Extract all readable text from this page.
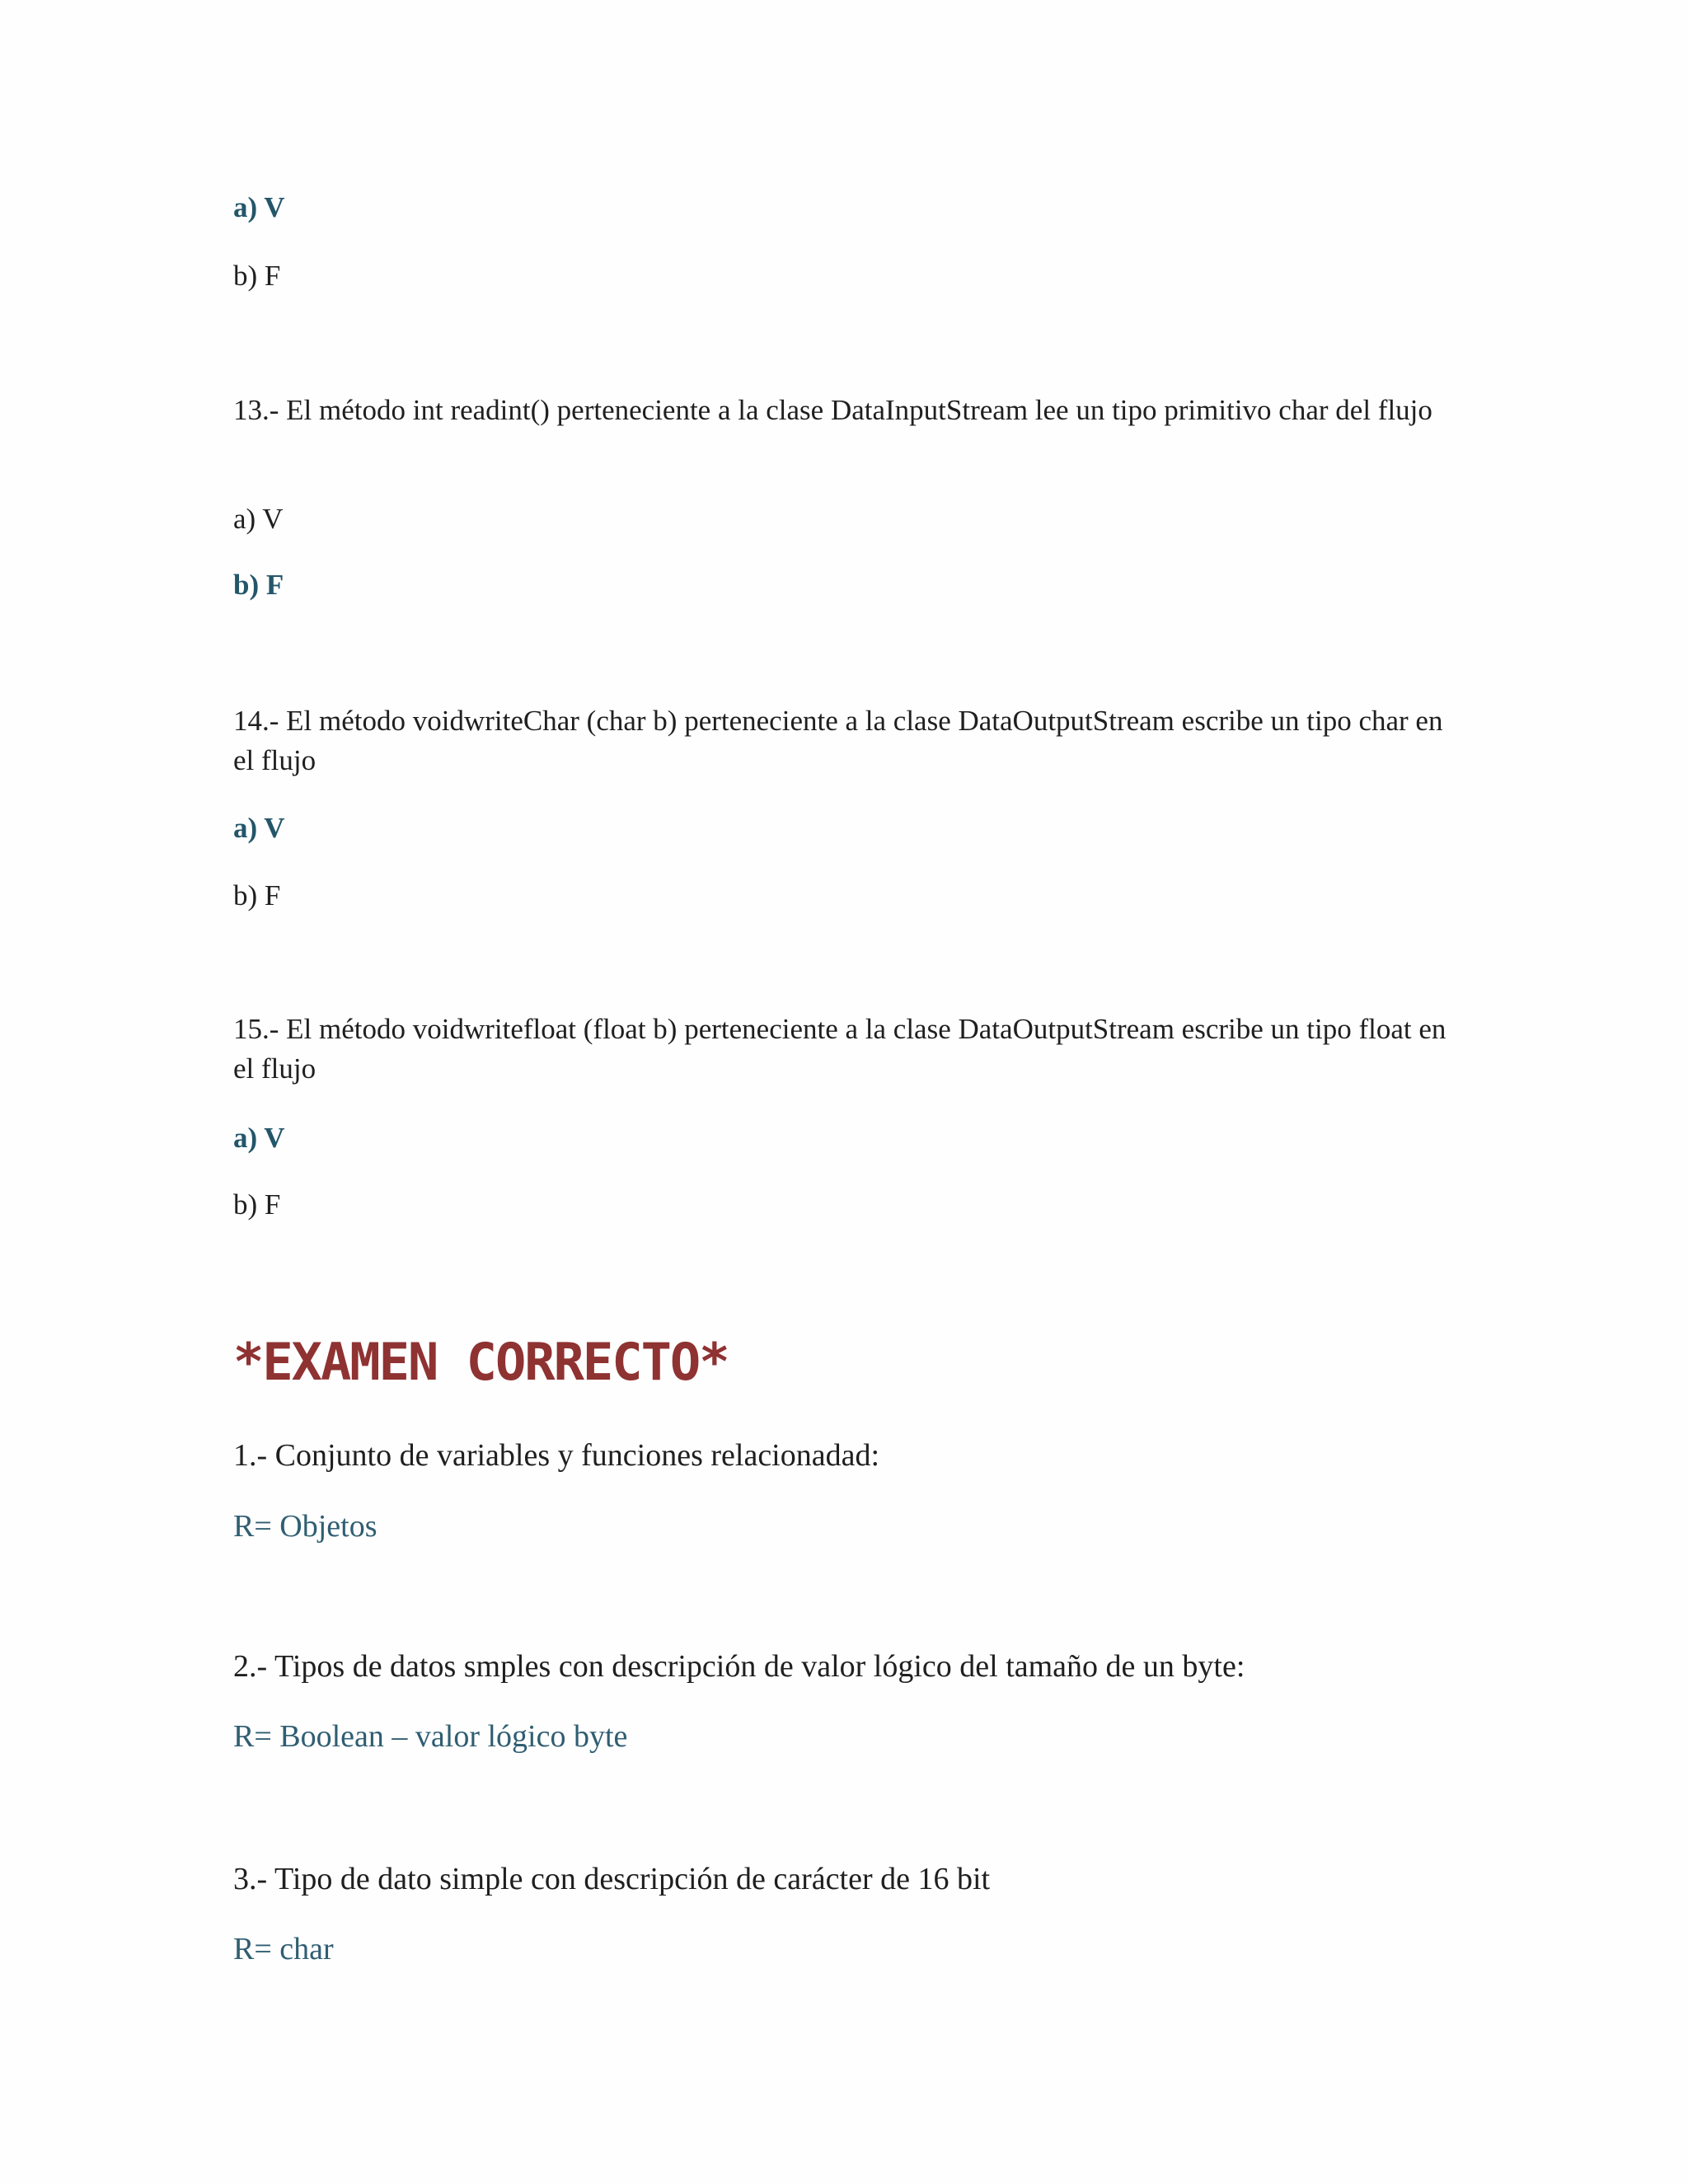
a) V

b) F

13.- El método int readint() perteneciente a la clase DataInputStream lee un tipo primitivo char del flujo

a) V

b) F

14.- El método voidwriteChar (char b) perteneciente a la clase DataOutputStream escribe un tipo char en el flujo

a) V

b) F

15.- El método voidwritefloat (float b) perteneciente a la clase DataOutputStream escribe un tipo float en el flujo

a) V

b) F

*EXAMEN CORRECTO*

1.- Conjunto de variables y funciones relacionadad:

R= Objetos

2.- Tipos de datos smples con descripción de valor lógico del tamaño de un byte:

R= Boolean – valor lógico byte

3.- Tipo de dato simple con descripción de carácter de 16 bit

R= char
